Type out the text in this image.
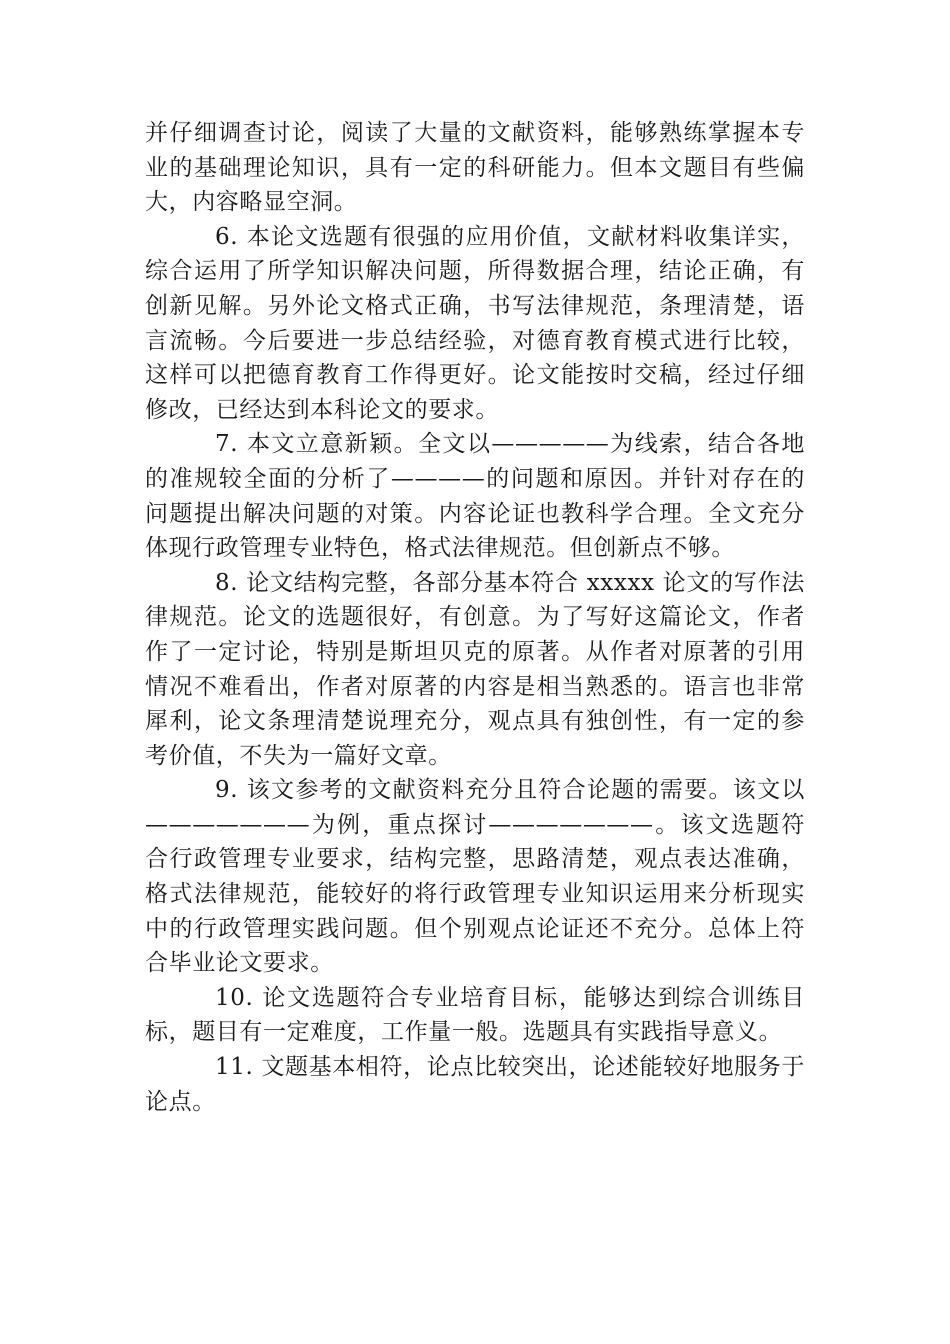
并仔细调查讨论，阅读了大量的文献资料，能够熟练掌握本专业的基础理论知识，具有一定的科研能力。但本文题目有些偏大，内容略显空洞。

6. 本论文选题有很强的应用价值，文献材料收集详实，综合运用了所学知识解决问题，所得数据合理，结论正确，有创新见解。另外论文格式正确，书写法律规范，条理清楚，语言流畅。今后要进一步总结经验，对德育教育模式进行比较，这样可以把德育教育工作得更好。论文能按时交稿，经过仔细修改，已经达到本科论文的要求。

7. 本文立意新颖。全文以—————为线索，结合各地的准规较全面的分析了————的问题和原因。并针对存在的问题提出解决问题的对策。内容论证也教科学合理。全文充分体现行政管理专业特色，格式法律规范。但创新点不够。

8. 论文结构完整，各部分基本符合 xxxxx 论文的写作法律规范。论文的选题很好，有创意。为了写好这篇论文，作者作了一定讨论，特别是斯坦贝克的原著。从作者对原著的引用情况不难看出，作者对原著的内容是相当熟悉的。语言也非常犀利，论文条理清楚说理充分，观点具有独创性，有一定的参考价值，不失为一篇好文章。

9. 该文参考的文献资料充分且符合论题的需要。该文以———————为例，重点探讨———————。该文选题符合行政管理专业要求，结构完整，思路清楚，观点表达准确，格式法律规范，能较好的将行政管理专业知识运用来分析现实中的行政管理实践问题。但个别观点论证还不充分。总体上符合毕业论文要求。

10. 论文选题符合专业培育目标，能够达到综合训练目标，题目有一定难度，工作量一般。选题具有实践指导意义。

11. 文题基本相符，论点比较突出，论述能较好地服务于论点。
